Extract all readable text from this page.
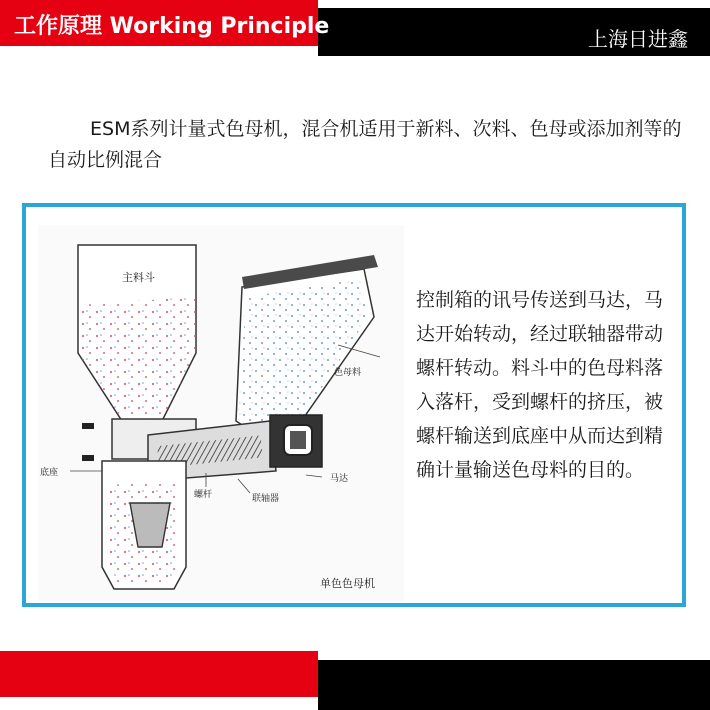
工作原理 Working Principle	上海日进鑫
ESM系列计量式色母机，混合机适用于新料、次料、色母或添加剂等的自动比例混合
主料斗
色母料
马达
联轴器
螺杆
底座
单色色母机
控制箱的讯号传送到马达，马达开始转动，经过联轴器带动螺杆转动。料斗中的色母料落入落杆，受到螺杆的挤压，被螺杆输送到底座中从而达到精确计量输送色母料的目的。
